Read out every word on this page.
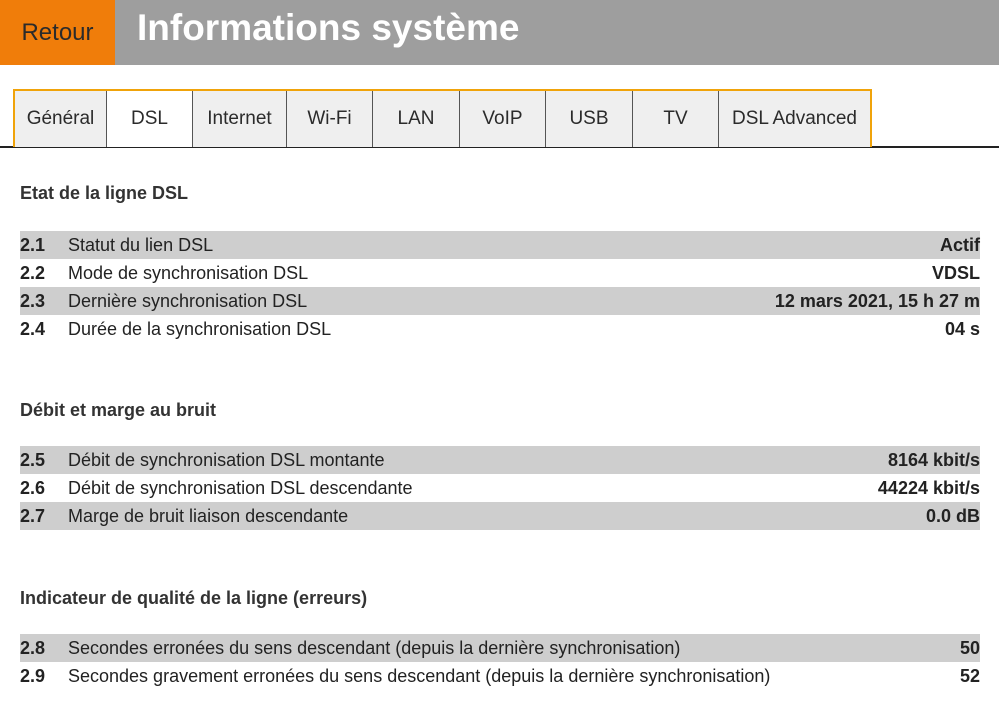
Retour	Informations système
Général	DSL	Internet	Wi-Fi	LAN	VoIP	USB	TV	DSL Advanced
Etat de la ligne DSL
2.1	Statut du lien DSL	Actif
2.2	Mode de synchronisation DSL	VDSL
2.3	Dernière synchronisation DSL	12 mars 2021, 15 h 27 m
2.4	Durée de la synchronisation DSL	04 s
Débit et marge au bruit
2.5	Débit de synchronisation DSL montante	8164 kbit/s
2.6	Débit de synchronisation DSL descendante	44224 kbit/s
2.7	Marge de bruit liaison descendante	0.0 dB
Indicateur de qualité de la ligne (erreurs)
2.8	Secondes erronées du sens descendant (depuis la dernière synchronisation)	50
2.9	Secondes gravement erronées du sens descendant (depuis la dernière synchronisation)	52
